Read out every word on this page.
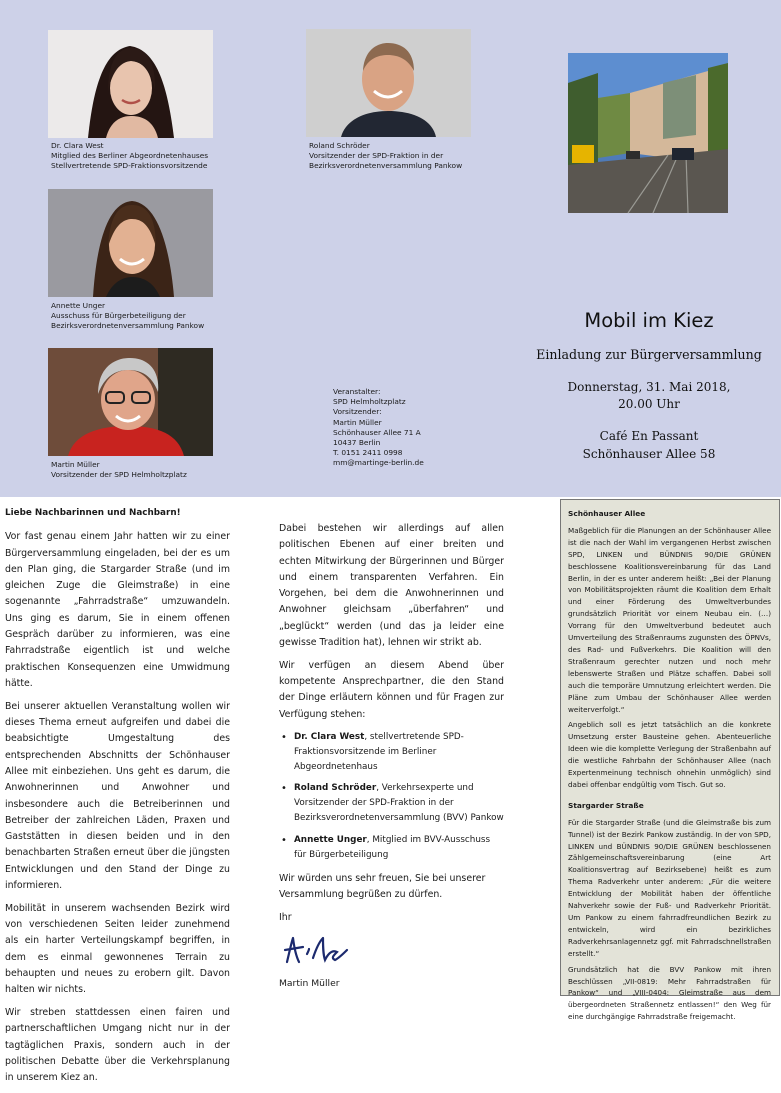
Dr. Clara West
Mitglied des Berliner Abgeordnetenhauses
Stellvertretende SPD-Fraktionsvorsitzende
Roland Schröder
Vorsitzender der SPD-Fraktion in der
Bezirksverordnetenversammlung Pankow
Annette Unger
Ausschuss für Bürgerbeteiligung der
Bezirksverordnetenversammlung Pankow
Martin Müller
Vorsitzender der SPD Helmholtzplatz
Veranstalter:
SPD Helmholtzplatz
Vorsitzender:
Martin Müller
Schönhauser Allee 71 A
10437 Berlin
T. 0151 2411 0998
mm@martinge-berlin.de
Mobil im Kiez
Einladung zur Bürgerversammlung
Donnerstag, 31. Mai 2018,
20.00 Uhr
Café En Passant
Schönhauser Allee 58

Liebe Nachbarinnen und Nachbarn!

Vor fast genau einem Jahr hatten wir zu einer Bürgerversammlung eingeladen, bei der es um den Plan ging, die Stargarder Straße (und im gleichen Zuge die Gleimstraße) in eine sogenannte „Fahrradstraße“ umzuwandeln. Uns ging es darum, Sie in einem offenen Gespräch darüber zu informieren, was eine Fahrradstraße eigentlich ist und welche praktischen Konsequenzen eine Umwidmung hätte.

Bei unserer aktuellen Veranstaltung wollen wir dieses Thema erneut aufgreifen und dabei die beabsichtigte Umgestaltung des entsprechenden Abschnitts der Schönhauser Allee mit einbeziehen. Uns geht es darum, die Anwohnerinnen und Anwohner und insbesondere auch die Betreiberinnen und Betreiber der zahlreichen Läden, Praxen und Gaststätten in diesen beiden und in den benachbarten Straßen erneut über die jüngsten Entwicklungen und den Stand der Dinge zu informieren.

Mobilität in unserem wachsenden Bezirk wird von verschiedenen Seiten leider zunehmend als ein harter Verteilungskampf begriffen, in dem es einmal gewonnenes Terrain zu behaupten und neues zu erobern gilt. Davon halten wir nichts.

Wir streben stattdessen einen fairen und partnerschaftlichen Umgang nicht nur in der tagtäglichen Praxis, sondern auch in der politischen Debatte über die Verkehrsplanung in unserem Kiez an.

Dabei bestehen wir allerdings auf allen politischen Ebenen auf einer breiten und echten Mitwirkung der Bürgerinnen und Bürger und einem transparenten Verfahren. Ein Vorgehen, bei dem die Anwohnerinnen und Anwohner gleichsam „überfahren“ und „beglückt“ werden (und das ja leider eine gewisse Tradition hat), lehnen wir strikt ab.

Wir verfügen an diesem Abend über kompetente Ansprechpartner, die den Stand der Dinge erläutern können und für Fragen zur Verfügung stehen:

• Dr. Clara West, stellvertretende SPD-Fraktionsvorsitzende im Berliner Abgeordnetenhaus
• Roland Schröder, Verkehrsexperte und Vorsitzender der SPD-Fraktion in der Bezirksverordnetenversammlung (BVV) Pankow
• Annette Unger, Mitglied im BVV-Ausschuss für Bürgerbeteiligung

Wir würden uns sehr freuen, Sie bei unserer Versammlung begrüßen zu dürfen.

Ihr

Martin Müller

Schönhauser Allee

Maßgeblich für die Planungen an der Schönhauser Allee ist die nach der Wahl im vergangenen Herbst zwischen SPD, LINKEN und BÜNDNIS 90/DIE GRÜNEN beschlossene Koalitionsvereinbarung für das Land Berlin, in der es unter anderem heißt: „Bei der Planung von Mobilitätsprojekten räumt die Koalition dem Erhalt und einer Förderung des Umweltverbundes grundsätzlich Priorität vor einem Neubau ein. (…) Vorrang für den Umweltverbund bedeutet auch Umverteilung des Straßenraums zugunsten des ÖPNVs, des Rad- und Fußverkehrs. Die Koalition will den Straßenraum gerechter nutzen und noch mehr lebenswerte Straßen und Plätze schaffen. Dabei soll auch die temporäre Umnutzung erleichtert werden. Die Pläne zum Umbau der Schönhauser Allee werden weiterverfolgt.“

Angeblich soll es jetzt tatsächlich an die konkrete Umsetzung erster Bausteine gehen. Abenteuerliche Ideen wie die komplette Verlegung der Straßenbahn auf die westliche Fahrbahn der Schönhauser Allee (nach Expertenmeinung technisch ohnehin unmöglich) sind dabei offenbar endgültig vom Tisch. Gut so.

Stargarder Straße

Für die Stargarder Straße (und die Gleimstraße bis zum Tunnel) ist der Bezirk Pankow zuständig. In der von SPD, LINKEN und BÜNDNIS 90/DIE GRÜNEN beschlossenen Zählgemeinschaftsvereinbarung (eine Art Koalitionsvertrag auf Bezirksebene) heißt es zum Thema Radverkehr unter anderem: „Für die weitere Entwicklung der Mobilität haben der öffentliche Nahverkehr sowie der Fuß- und Radverkehr Priorität. Um Pankow zu einem fahrradfreundlichen Bezirk zu entwickeln, wird ein bezirkliches Radverkehrsanlagennetz ggf. mit Fahrradschnellstraßen erstellt.“

Grundsätzlich hat die BVV Pankow mit ihren Beschlüssen „VII-0819: Mehr Fahrradstraßen für Pankow“ und „VIII-0404: Gleimstraße aus dem übergeordneten Straßennetz entlassen!“ den Weg für eine durchgängige Fahrradstraße freigemacht.
